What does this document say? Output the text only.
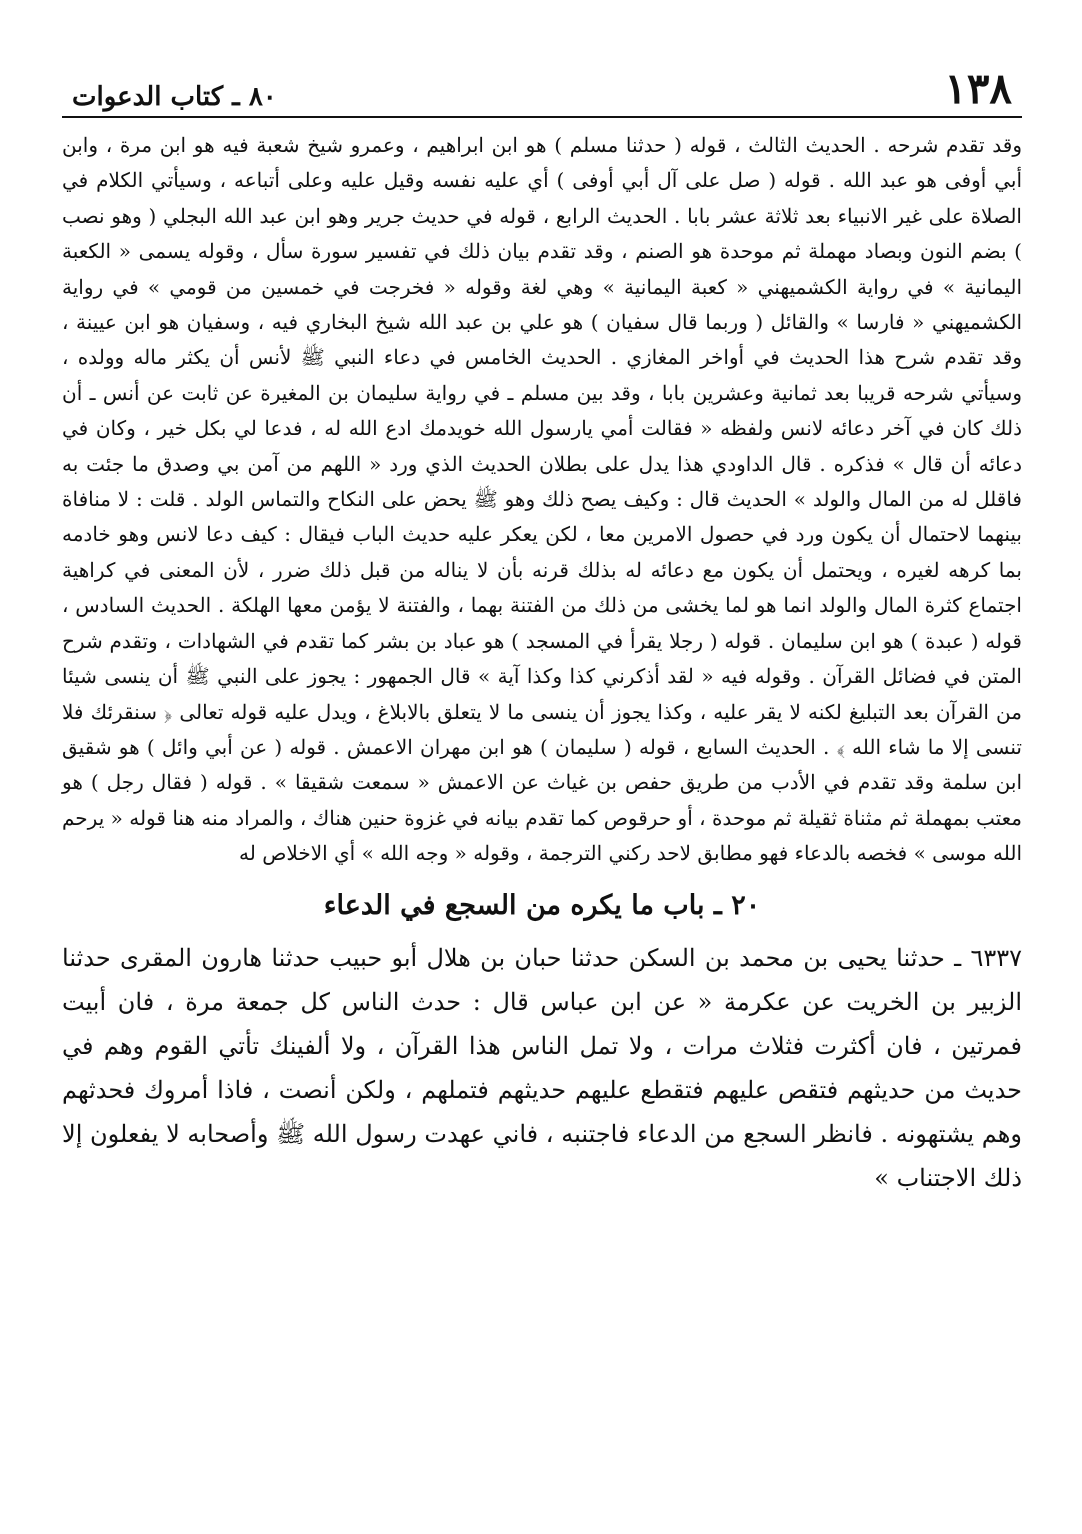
١٣٨
٨٠ ـ كتاب الدعوات

وقد تقدم شرحه . الحديث الثالث ، قوله ( حدثنا مسلم ) هو ابن ابراهيم ، وعمرو شيخ شعبة فيه هو ابن مرة ، وابن أبي أوفى هو عبد الله . قوله ( صل على آل أبي أوفى ) أي عليه نفسه وقيل عليه وعلى أتباعه ، وسيأتي الكلام في الصلاة على غير الانبياء بعد ثلاثة عشر بابا . الحديث الرابع ، قوله في حديث جرير وهو ابن عبد الله البجلي ( وهو نصب ) بضم النون وبصاد مهملة ثم موحدة هو الصنم ، وقد تقدم بيان ذلك في تفسير سورة سأل ، وقوله يسمى « الكعبة اليمانية » في رواية الكشميهني « كعبة اليمانية » وهي لغة وقوله « فخرجت في خمسين من قومي » في رواية الكشميهني « فارسا » والقائل ( وربما قال سفيان ) هو علي بن عبد الله شيخ البخاري فيه ، وسفيان هو ابن عيينة ، وقد تقدم شرح هذا الحديث في أواخر المغازي . الحديث الخامس في دعاء النبي ﷺ لأنس أن يكثر ماله وولده ، وسيأتي شرحه قريبا بعد ثمانية وعشرين بابا ، وقد بين مسلم ـ في رواية سليمان بن المغيرة عن ثابت عن أنس ـ أن ذلك كان في آخر دعائه لانس ولفظه « فقالت أمي يارسول الله خويدمك ادع الله له ، فدعا لي بكل خير ، وكان في دعائه أن قال » فذكره . قال الداودي هذا يدل على بطلان الحديث الذي ورد « اللهم من آمن بي وصدق ما جئت به فاقلل له من المال والولد » الحديث قال : وكيف يصح ذلك وهو ﷺ يحض على النكاح والتماس الولد . قلت : لا منافاة بينهما لاحتمال أن يكون ورد في حصول الامرين معا ، لكن يعكر عليه حديث الباب فيقال : كيف دعا لانس وهو خادمه بما كرهه لغيره ، ويحتمل أن يكون مع دعائه له بذلك قرنه بأن لا يناله من قبل ذلك ضرر ، لأن المعنى في كراهية اجتماع كثرة المال والولد انما هو لما يخشى من ذلك من الفتنة بهما ، والفتنة لا يؤمن معها الهلكة . الحديث السادس ، قوله ( عبدة ) هو ابن سليمان . قوله ( رجلا يقرأ في المسجد ) هو عباد بن بشر كما تقدم في الشهادات ، وتقدم شرح المتن في فضائل القرآن . وقوله فيه « لقد أذكرني كذا وكذا آية » قال الجمهور : يجوز على النبي ﷺ أن ينسى شيئا من القرآن بعد التبليغ لكنه لا يقر عليه ، وكذا يجوز أن ينسى ما لا يتعلق بالابلاغ ، ويدل عليه قوله تعالى ﴿ سنقرئك فلا تنسى إلا ما شاء الله ﴾ . الحديث السابع ، قوله ( سليمان ) هو ابن مهران الاعمش . قوله ( عن أبي وائل ) هو شقيق ابن سلمة وقد تقدم في الأدب من طريق حفص بن غياث عن الاعمش « سمعت شقيقا » . قوله ( فقال رجل ) هو معتب بمهملة ثم مثناة ثقيلة ثم موحدة ، أو حرقوص كما تقدم بيانه في غزوة حنين هناك ، والمراد منه هنا قوله « يرحم الله موسى » فخصه بالدعاء فهو مطابق لاحد ركني الترجمة ، وقوله « وجه الله » أي الاخلاص له

٢٠ ـ باب ما يكره من السجع في الدعاء

٦٣٣٧ ـ حدثنا يحيى بن محمد بن السكن حدثنا حبان بن هلال أبو حبيب حدثنا هارون المقرى حدثنا الزبير بن الخريت عن عكرمة « عن ابن عباس قال : حدث الناس كل جمعة مرة ، فان أبيت فمرتين ، فان أكثرت فثلاث مرات ، ولا تمل الناس هذا القرآن ، ولا ألفينك تأتي القوم وهم في حديث من حديثهم فتقص عليهم فتقطع عليهم حديثهم فتملهم ، ولكن أنصت ، فاذا أمروك فحدثهم وهم يشتهونه . فانظر السجع من الدعاء فاجتنبه ، فاني عهدت رسول الله ﷺ وأصحابه لا يفعلون إلا ذلك الاجتناب »
